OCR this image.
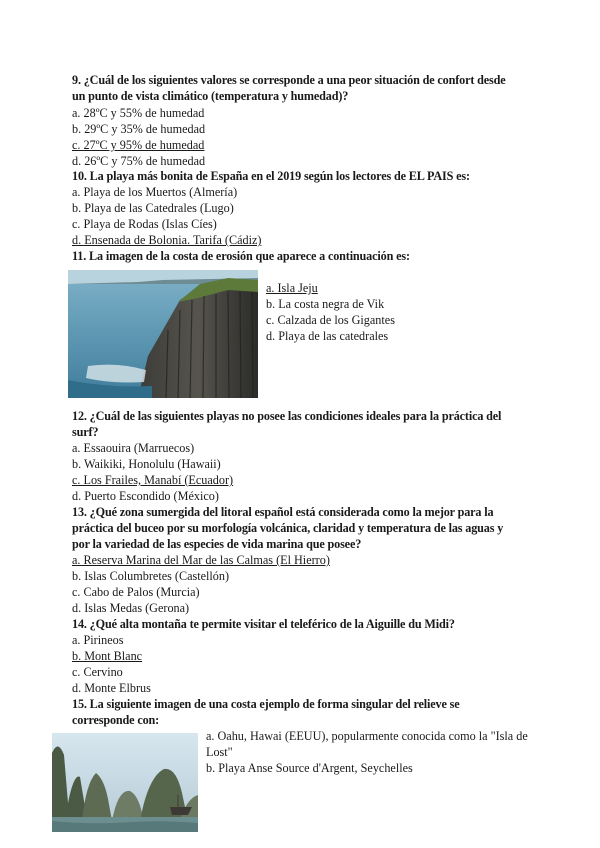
9. ¿Cuál de los siguientes valores se corresponde a una peor situación de confort desde
un punto de vista climático (temperatura y humedad)?
a. 28ºC y 55% de humedad
b. 29ºC y 35% de humedad
c. 27ºC y 95% de humedad
d. 26ºC y 75% de humedad
10. La playa más bonita de España en el 2019 según los lectores de EL PAIS es:
a. Playa de los Muertos (Almería)
b. Playa de las Catedrales (Lugo)
c. Playa de Rodas (Islas Cíes)
d. Ensenada de Bolonia. Tarifa (Cádiz)
11. La imagen de la costa de erosión que aparece a continuación es:
a. Isla Jeju
b. La costa negra de Vik
c. Calzada de los Gigantes
d. Playa de las catedrales
12. ¿Cuál de las siguientes playas no posee las condiciones ideales para la práctica del
surf?
a. Essaouira (Marruecos)
b. Waikiki, Honolulu (Hawaii)
c. Los Frailes, Manabí (Ecuador)
d. Puerto Escondido (México)
13. ¿Qué zona sumergida del litoral español está considerada como la mejor para la
práctica del buceo por su morfología volcánica, claridad y temperatura de las aguas y
por la variedad de las especies de vida marina que posee?
a. Reserva Marina del Mar de las Calmas (El Hierro)
b. Islas Columbretes (Castellón)
c. Cabo de Palos (Murcia)
d. Islas Medas (Gerona)
14. ¿Qué alta montaña te permite visitar el teleférico de la Aiguille du Midi?
a. Pirineos
b. Mont Blanc
c. Cervino
d. Monte Elbrus
15. La siguiente imagen de una costa ejemplo de forma singular del relieve se
corresponde con:
a. Oahu, Hawai (EEUU), popularmente conocida como la "Isla de
Lost"
b. Playa Anse Source d'Argent, Seychelles
